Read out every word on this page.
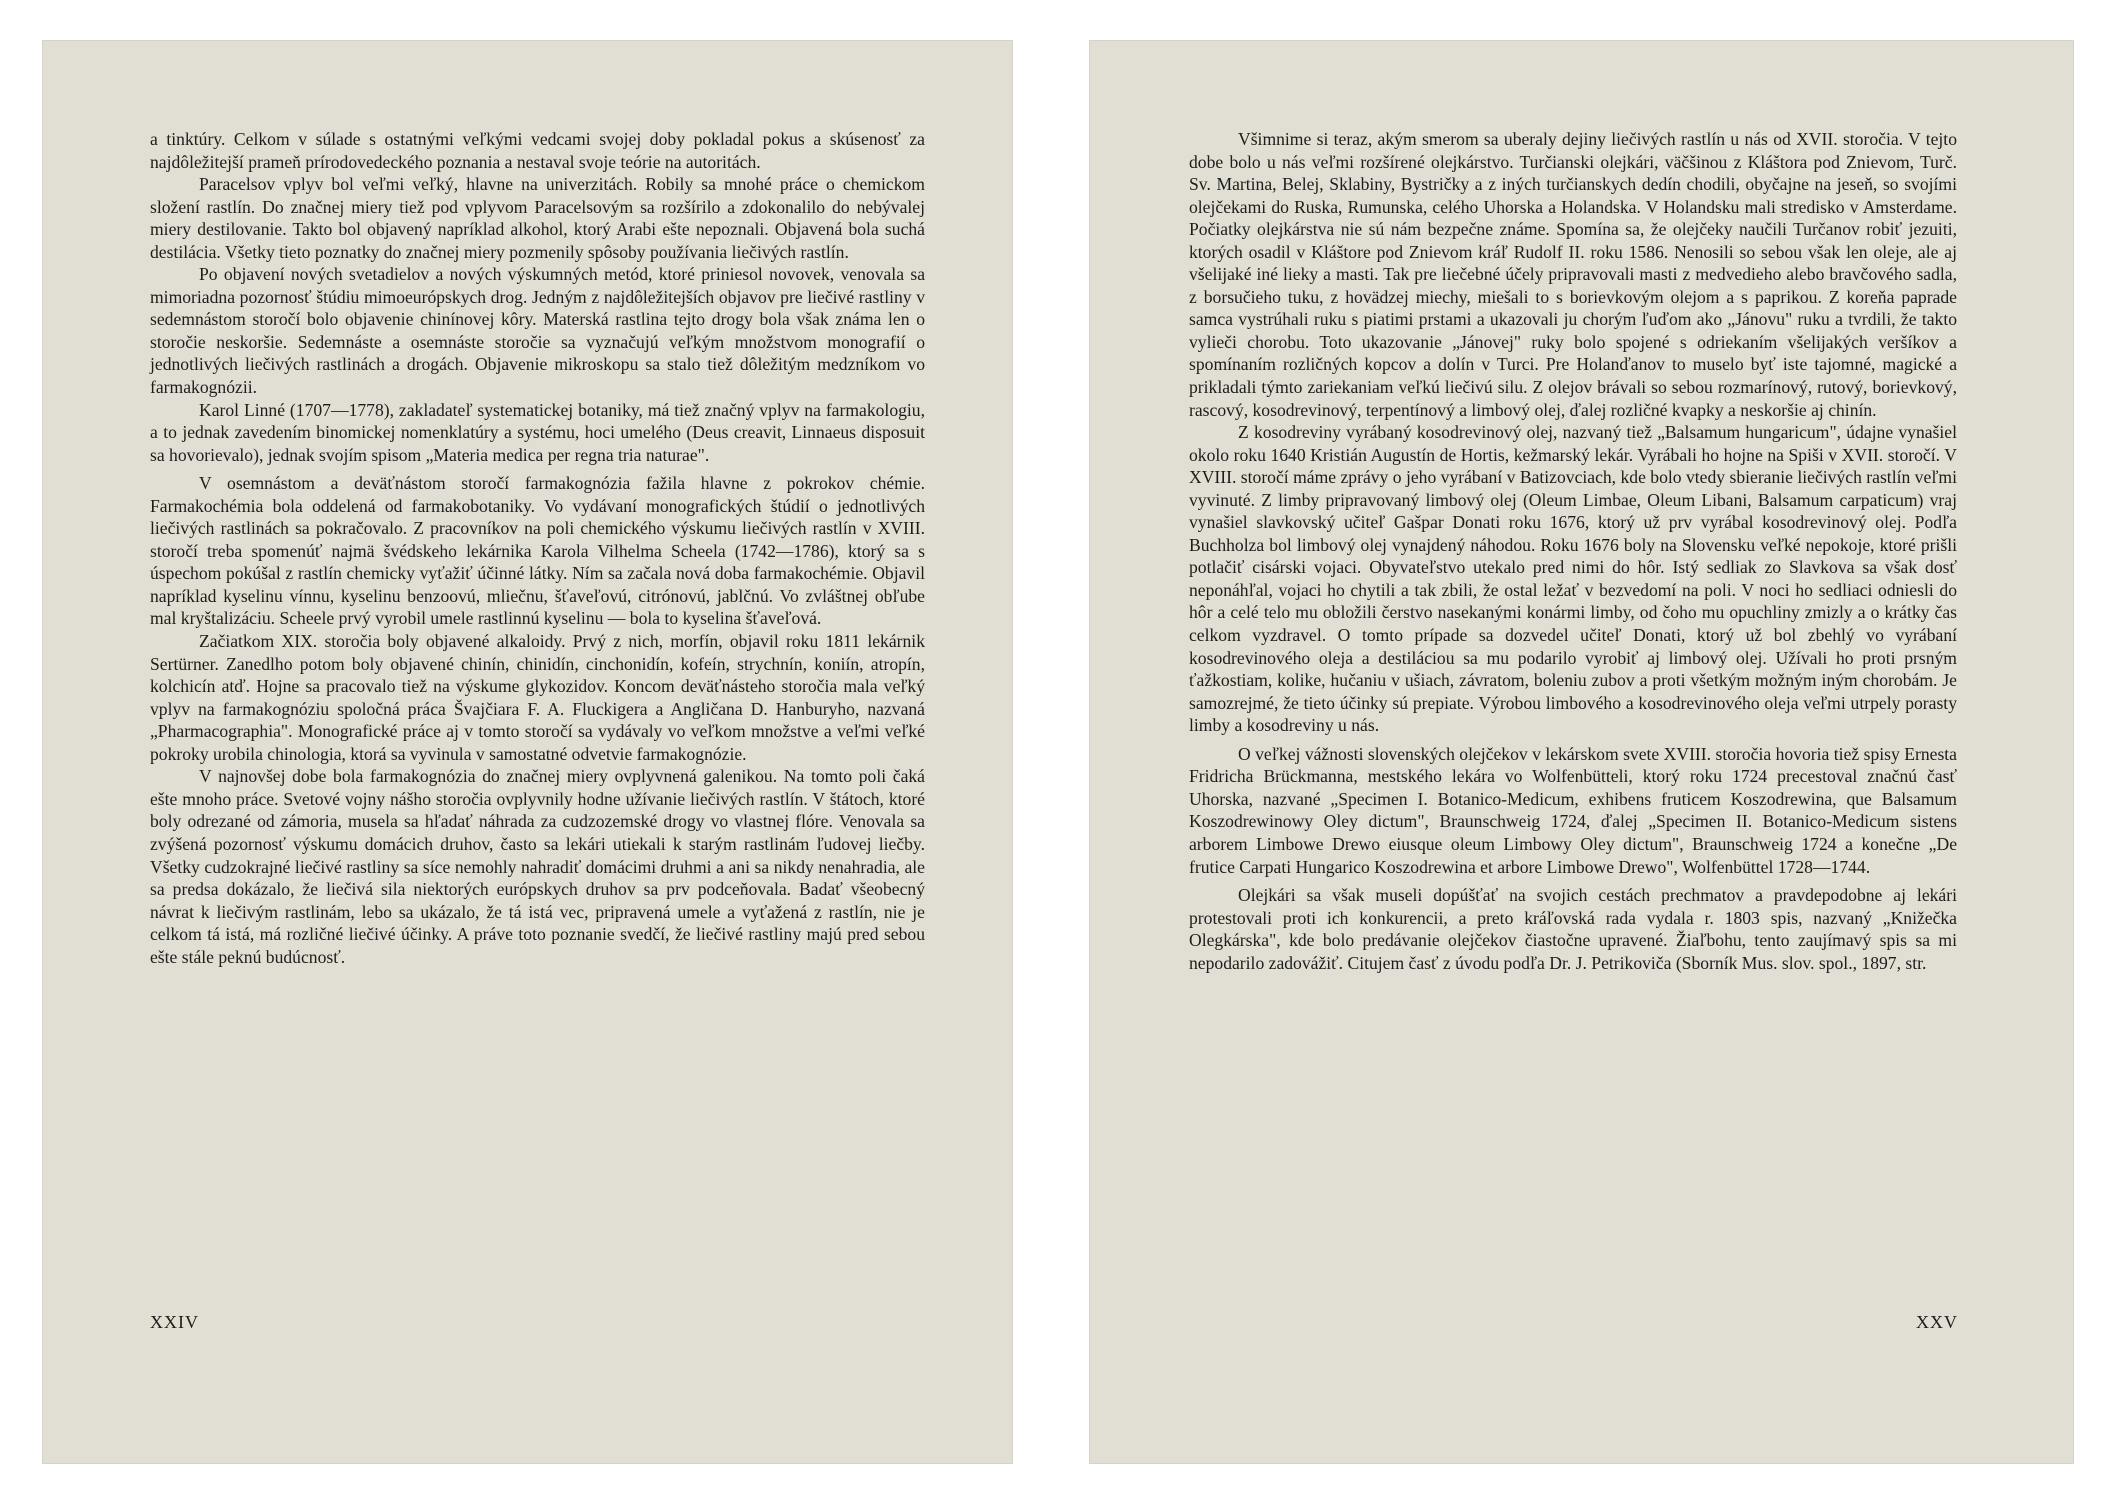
a tinktúry. Celkom v súlade s ostatnými veľkými vedcami svojej doby pokladal pokus a skúsenosť za najdôležitejší prameň prírodovedeckého poznania a nestaval svoje teórie na autoritách.

Paracelsov vplyv bol veľmi veľký, hlavne na univerzitách. Robily sa mnohé práce o chemickom složení rastlín. Do značnej miery tiež pod vplyvom Paracelsovým sa rozšírilo a zdokonalilo do nebývalej miery destilovanie. Takto bol objavený napríklad alkohol, ktorý Arabi ešte nepoznali. Objavená bola suchá destilácia. Všetky tieto poznatky do značnej miery pozmenily spôsoby používania liečivých rastlín.

Po objavení nových svetadielov a nových výskumných metód, ktoré priniesol novovek, venovala sa mimoriadna pozornosť štúdiu mimoeurópskych drog. Jedným z najdôležitejších objavov pre liečivé rastliny v sedemnástom storočí bolo objavenie chinínovej kôry. Materská rastlina tejto drogy bola však známa len o storočie neskoršie. Sedemnáste a osemnáste storočie sa vyznačujú veľkým množstvom monografií o jednotlivých liečivých rastlinách a drogách. Objavenie mikroskopu sa stalo tiež dôležitým medzníkom vo farmakognózii.

Karol Linné (1707—1778), zakladateľ systematickej botaniky, má tiež značný vplyv na farmakologiu, a to jednak zavedením binomickej nomenklatúry a systému, hoci umelého (Deus creavit, Linnaeus disposuit sa hovorievalo), jednak svojím spisom „Materia medica per regna tria naturae".

V osemnástom a deväťnástom storočí farmakognózia fažila hlavne z pokrokov chémie. Farmakochémia bola oddelená od farmakobotaniky. Vo vydávaní monografických štúdií o jednotlivých liečivých rastlinách sa pokračovalo. Z pracovníkov na poli chemického výskumu liečivých rastlín v XVIII. storočí treba spomenúť najmä švédskeho lekárnika Karola Vilhelma Scheela (1742—1786), ktorý sa s úspechom pokúšal z rastlín chemicky vyťažiť účinné látky. Ním sa začala nová doba farmakochémie. Objavil napríklad kyselinu vínnu, kyselinu benzoovú, mliečnu, šťaveľovú, citrónovú, jablčnú. Vo zvláštnej obľube mal kryštalizáciu. Scheele prvý vyrobil umele rastlinnú kyselinu — bola to kyselina šťaveľová.

Začiatkom XIX. storočia boly objavené alkaloidy. Prvý z nich, morfín, objavil roku 1811 lekárnik Sertürner. Zanedlho potom boly objavené chinín, chinidín, cinchonidín, kofeín, strychnín, koniín, atropín, kolchicín atď. Hojne sa pracovalo tiež na výskume glykozidov. Koncom deväťnásteho storočia mala veľký vplyv na farmakognóziu spoločná práca Švajčiara F. A. Fluckigera a Angličana D. Hanburyho, nazvaná „Pharmacographia". Monografické práce aj v tomto storočí sa vydávaly vo veľkom množstve a veľmi veľké pokroky urobila chinologia, ktorá sa vyvinula v samostatné odvetvie farmakognózie.

V najnovšej dobe bola farmakognózia do značnej miery ovplyvnená galenikou. Na tomto poli čaká ešte mnoho práce. Svetové vojny nášho storočia ovplyvnily hodne užívanie liečivých rastlín. V štátoch, ktoré boly odrezané od zámoria, musela sa hľadať náhrada za cudzozemské drogy vo vlastnej flóre. Venovala sa zvýšená pozornosť výskumu domácich druhov, často sa lekári utiekali k starým rastlinám ľudovej liečby. Všetky cudzokrajné liečivé rastliny sa síce nemohly nahradiť domácimi druhmi a ani sa nikdy nenahradia, ale sa predsa dokázalo, že liečivá sila niektorých európskych druhov sa prv podceňovala. Badať všeobecný návrat k liečivým rastlinám, lebo sa ukázalo, že tá istá vec, pripravená umele a vyťažená z rastlín, nie je celkom tá istá, má rozličné liečivé účinky. A práve toto poznanie svedčí, že liečivé rastliny majú pred sebou ešte stále peknú budúcnosť.

XXIV

Všimnime si teraz, akým smerom sa uberaly dejiny liečivých rastlín u nás od XVII. storočia. V tejto dobe bolo u nás veľmi rozšírené olejkárstvo. Turčianski olejkári, väčšinou z Kláštora pod Znievom, Turč. Sv. Martina, Belej, Sklabiny, Bystričky a z iných turčianskych dedín chodili, obyčajne na jeseň, so svojími olejčekami do Ruska, Rumunska, celého Uhorska a Holandska. V Holandsku mali stredisko v Amsterdame. Počiatky olejkárstva nie sú nám bezpečne známe. Spomína sa, že olejčeky naučili Turčanov robiť jezuiti, ktorých osadil v Kláštore pod Znievom kráľ Rudolf II. roku 1586. Nenosili so sebou však len oleje, ale aj všelijaké iné lieky a masti. Tak pre liečebné účely pripravovali masti z medvedieho alebo bravčového sadla, z borsučieho tuku, z hovädzej miechy, miešali to s borievkovým olejom a s paprikou. Z koreňa paprade samca vystrúhali ruku s piatimi prstami a ukazovali ju chorým ľuďom ako „Jánovu" ruku a tvrdili, že takto vylieči chorobu. Toto ukazovanie „Jánovej" ruky bolo spojené s odriekaním všelijakých veršíkov a spomínaním rozličných kopcov a dolín v Turci. Pre Holanďanov to muselo byť iste tajomné, magické a prikladali týmto zariekaniam veľkú liečivú silu. Z olejov brávali so sebou rozmarínový, rutový, borievkový, rascový, kosodrevinový, terpentínový a limbový olej, ďalej rozličné kvapky a neskoršie aj chinín.

Z kosodreviny vyrábaný kosodrevinový olej, nazvaný tiež „Balsamum hungaricum", údajne vynašiel okolo roku 1640 Kristián Augustín de Hortis, kežmarský lekár. Vyrábali ho hojne na Spiši v XVII. storočí. V XVIII. storočí máme zprávy o jeho vyrábaní v Batizovciach, kde bolo vtedy sbieranie liečivých rastlín veľmi vyvinuté. Z limby pripravovaný limbový olej (Oleum Limbae, Oleum Libani, Balsamum carpaticum) vraj vynašiel slavkovský učiteľ Gašpar Donati roku 1676, ktorý už prv vyrábal kosodrevinový olej. Podľa Buchholza bol limbový olej vynajdený náhodou. Roku 1676 boly na Slovensku veľké nepokoje, ktoré prišli potlačiť cisárski vojaci. Obyvateľstvo utekalo pred nimi do hôr. Istý sedliak zo Slavkova sa však dosť neponáhľal, vojaci ho chytili a tak zbili, že ostal ležať v bezvedomí na poli. V noci ho sedliaci odniesli do hôr a celé telo mu obložili čerstvo nasekanými konármi limby, od čoho mu opuchliny zmizly a o krátky čas celkom vyzdravel. O tomto prípade sa dozvedel učiteľ Donati, ktorý už bol zbehlý vo vyrábaní kosodrevinového oleja a destiláciou sa mu podarilo vyrobiť aj limbový olej. Užívali ho proti prsným ťažkostiam, kolike, hučaniu v ušiach, závratom, boleniu zubov a proti všetkým možným iným chorobám. Je samozrejmé, že tieto účinky sú prepiate. Výrobou limbového a kosodrevinového oleja veľmi utrpely porasty limby a kosodreviny u nás.

O veľkej vážnosti slovenských olejčekov v lekárskom svete XVIII. storočia hovoria tiež spisy Ernesta Fridricha Brückmanna, mestského lekára vo Wolfenbütteli, ktorý roku 1724 precestoval značnú časť Uhorska, nazvané „Specimen I. Botanico-Medicum, exhibens fruticem Koszodrewina, que Balsamum Koszodrewinowy Oley dictum", Braunschweig 1724, ďalej „Specimen II. Botanico-Medicum sistens arborem Limbowe Drewo eiusque oleum Limbowy Oley dictum", Braunschweig 1724 a konečne „De frutice Carpati Hungarico Koszodrewina et arbore Limbowe Drewo", Wolfenbüttel 1728—1744.

Olejkári sa však museli dopúšťať na svojich cestách prechmatov a pravdepodobne aj lekári protestovali proti ich konkurencii, a preto kráľovská rada vydala r. 1803 spis, nazvaný „Knižečka Olegkárska", kde bolo predávanie olejčekov čiastočne upravené. Žiaľbohu, tento zaujímavý spis sa mi nepodarilo zadovážiť. Citujem časť z úvodu podľa Dr. J. Petrikoviča (Sborník Mus. slov. spol., 1897, str.

XXV
